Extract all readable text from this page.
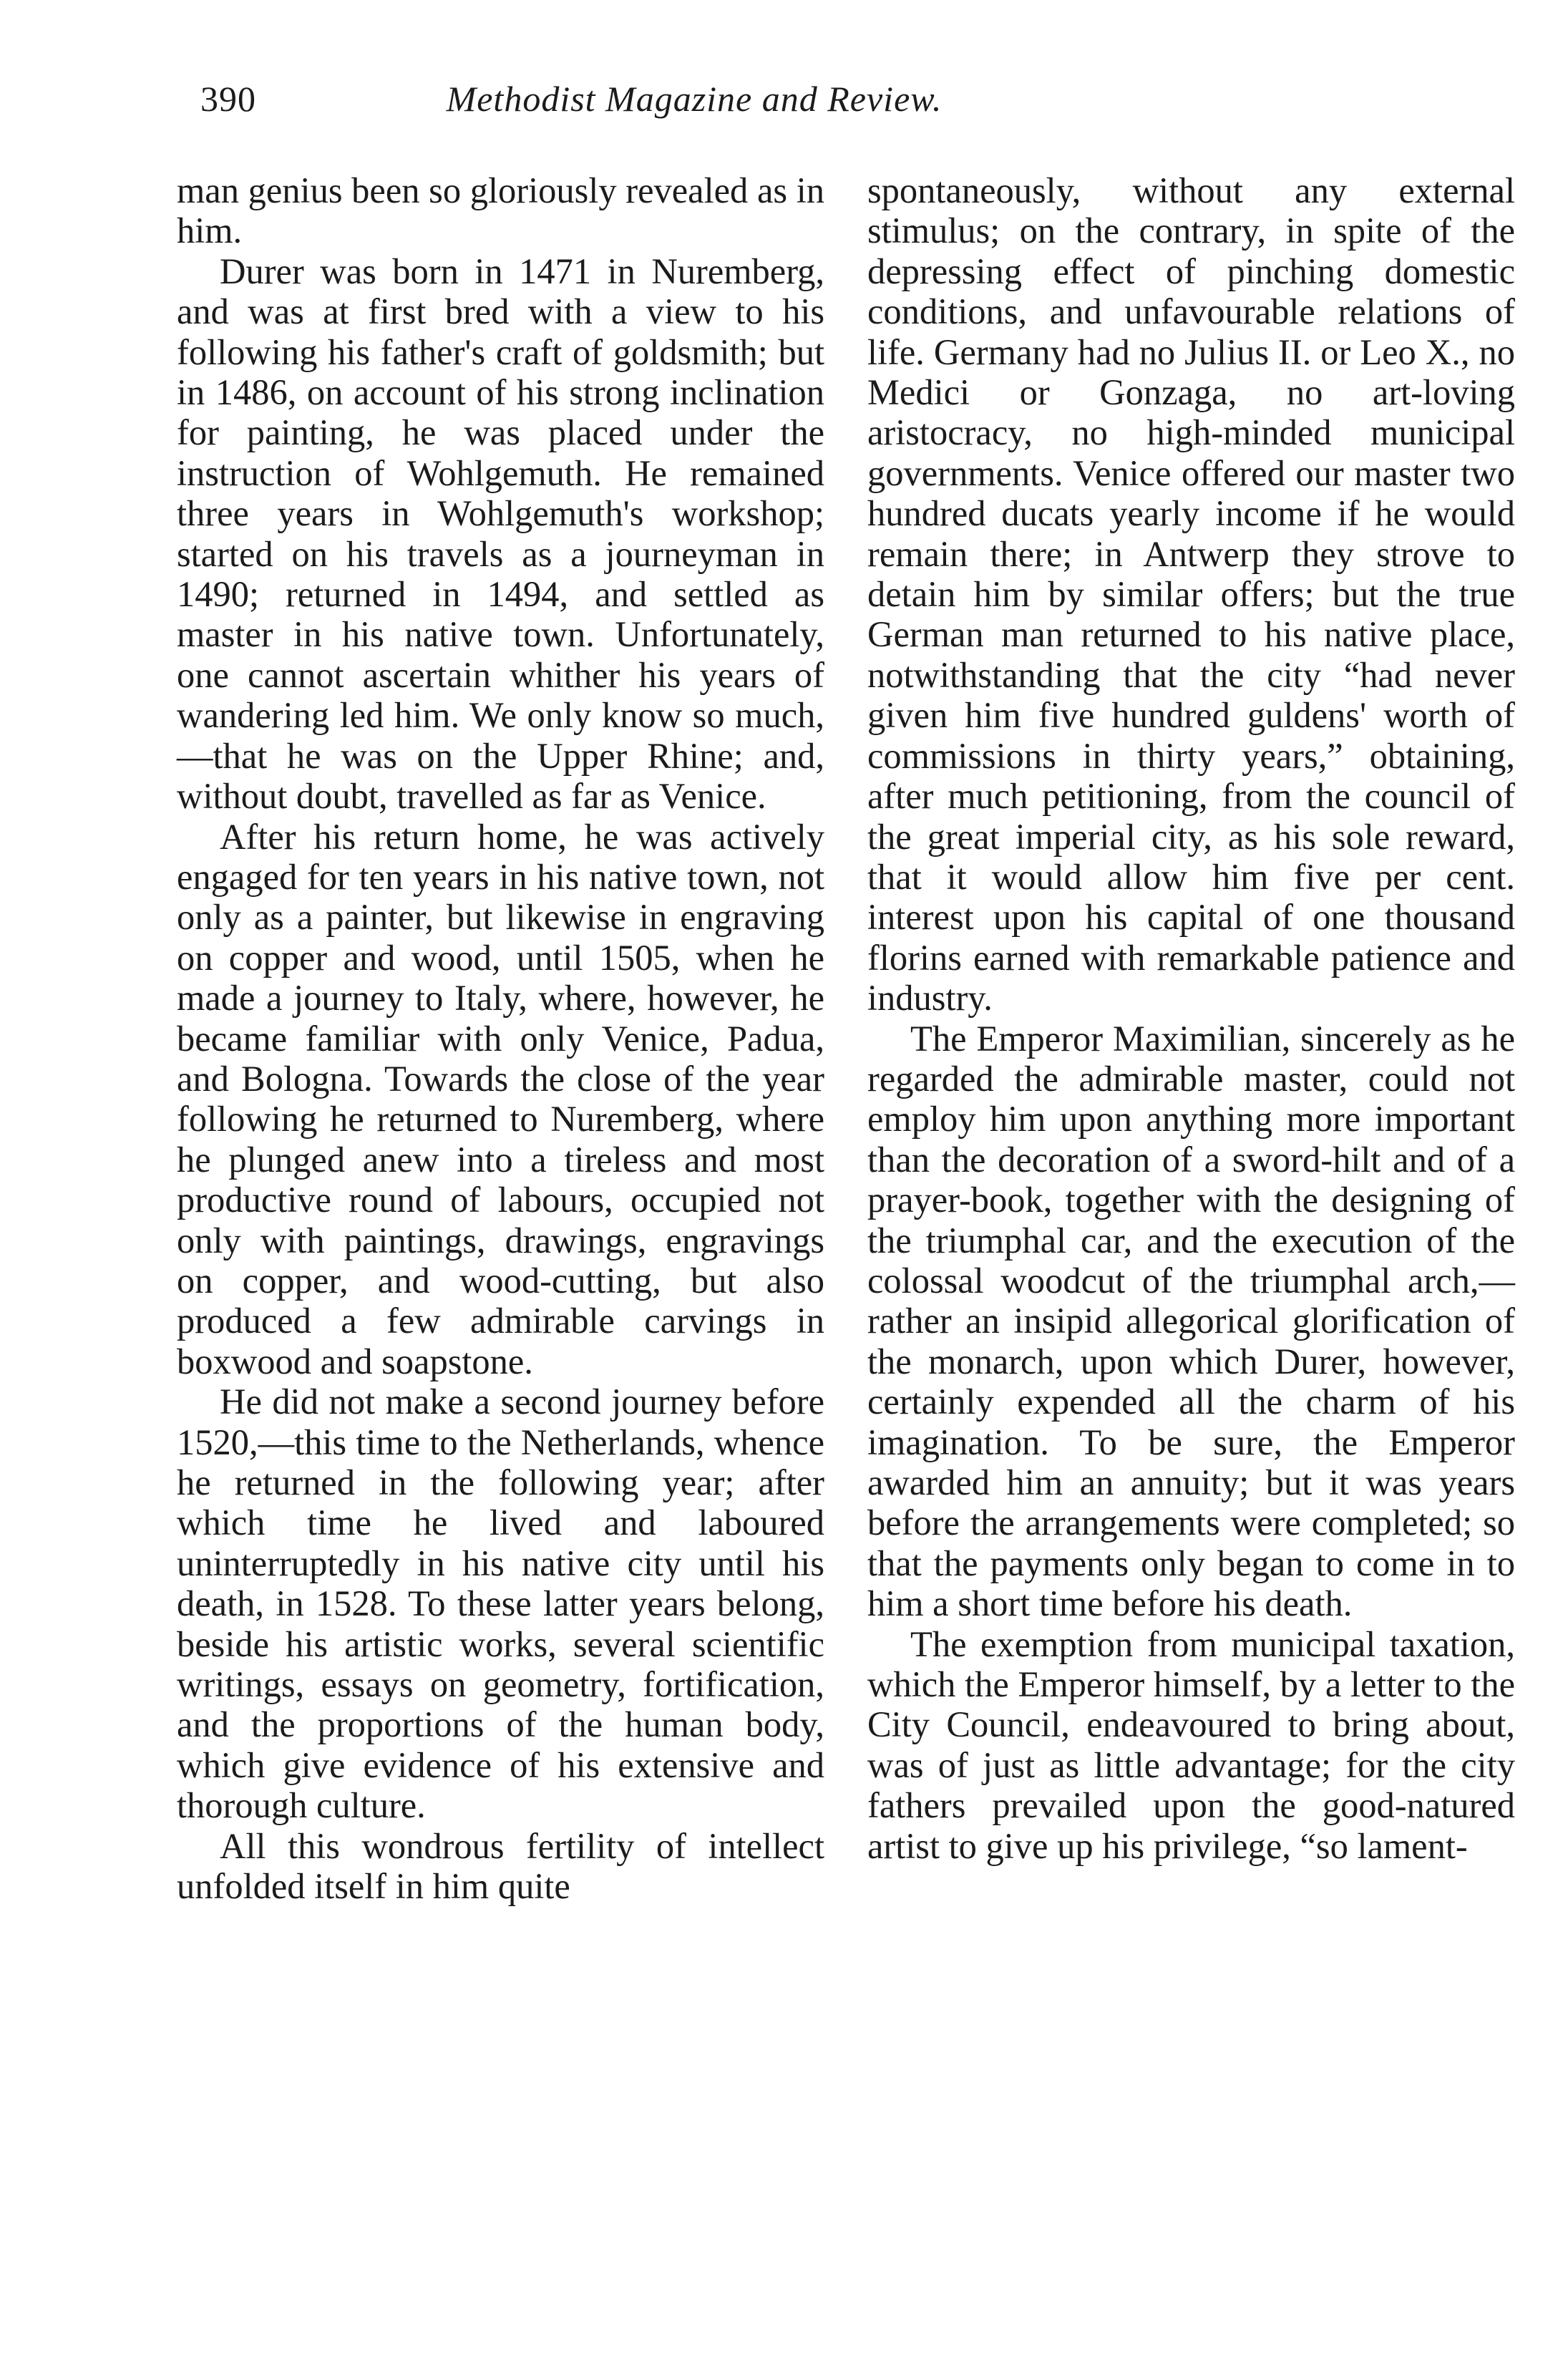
390	Methodist Magazine and Review.

man genius been so gloriously revealed as in him.

Durer was born in 1471 in Nuremberg, and was at first bred with a view to his following his father's craft of goldsmith; but in 1486, on account of his strong inclination for painting, he was placed under the instruction of Wohlgemuth. He remained three years in Wohlgemuth's workshop; started on his travels as a journeyman in 1490; returned in 1494, and settled as master in his native town. Unfortunately, one cannot ascertain whither his years of wandering led him. We only know so much,—that he was on the Upper Rhine; and, without doubt, travelled as far as Venice.

After his return home, he was actively engaged for ten years in his native town, not only as a painter, but likewise in engraving on copper and wood, until 1505, when he made a journey to Italy, where, however, he became familiar with only Venice, Padua, and Bologna. Towards the close of the year following he returned to Nuremberg, where he plunged anew into a tireless and most productive round of labours, occupied not only with paintings, drawings, engravings on copper, and wood-cutting, but also produced a few admirable carvings in boxwood and soapstone.

He did not make a second journey before 1520,—this time to the Netherlands, whence he returned in the following year; after which time he lived and laboured uninterruptedly in his native city until his death, in 1528. To these latter years belong, beside his artistic works, several scientific writings, essays on geometry, fortification, and the proportions of the human body, which give evidence of his extensive and thorough culture.

All this wondrous fertility of intellect unfolded itself in him quite

spontaneously, without any external stimulus; on the contrary, in spite of the depressing effect of pinching domestic conditions, and unfavourable relations of life. Germany had no Julius II. or Leo X., no Medici or Gonzaga, no art-loving aristocracy, no high-minded municipal governments. Venice offered our master two hundred ducats yearly income if he would remain there; in Antwerp they strove to detain him by similar offers; but the true German man returned to his native place, notwithstanding that the city “had never given him five hundred guldens' worth of commissions in thirty years,” obtaining, after much petitioning, from the council of the great imperial city, as his sole reward, that it would allow him five per cent. interest upon his capital of one thousand florins earned with remarkable patience and industry.

The Emperor Maximilian, sincerely as he regarded the admirable master, could not employ him upon anything more important than the decoration of a sword-hilt and of a prayer-book, together with the designing of the triumphal car, and the execution of the colossal woodcut of the triumphal arch,—rather an insipid allegorical glorification of the monarch, upon which Durer, however, certainly expended all the charm of his imagination. To be sure, the Emperor awarded him an annuity; but it was years before the arrangements were completed; so that the payments only began to come in to him a short time before his death.

The exemption from municipal taxation, which the Emperor himself, by a letter to the City Council, endeavoured to bring about, was of just as little advantage; for the city fathers prevailed upon the good-natured artist to give up his privilege, “so lament-
